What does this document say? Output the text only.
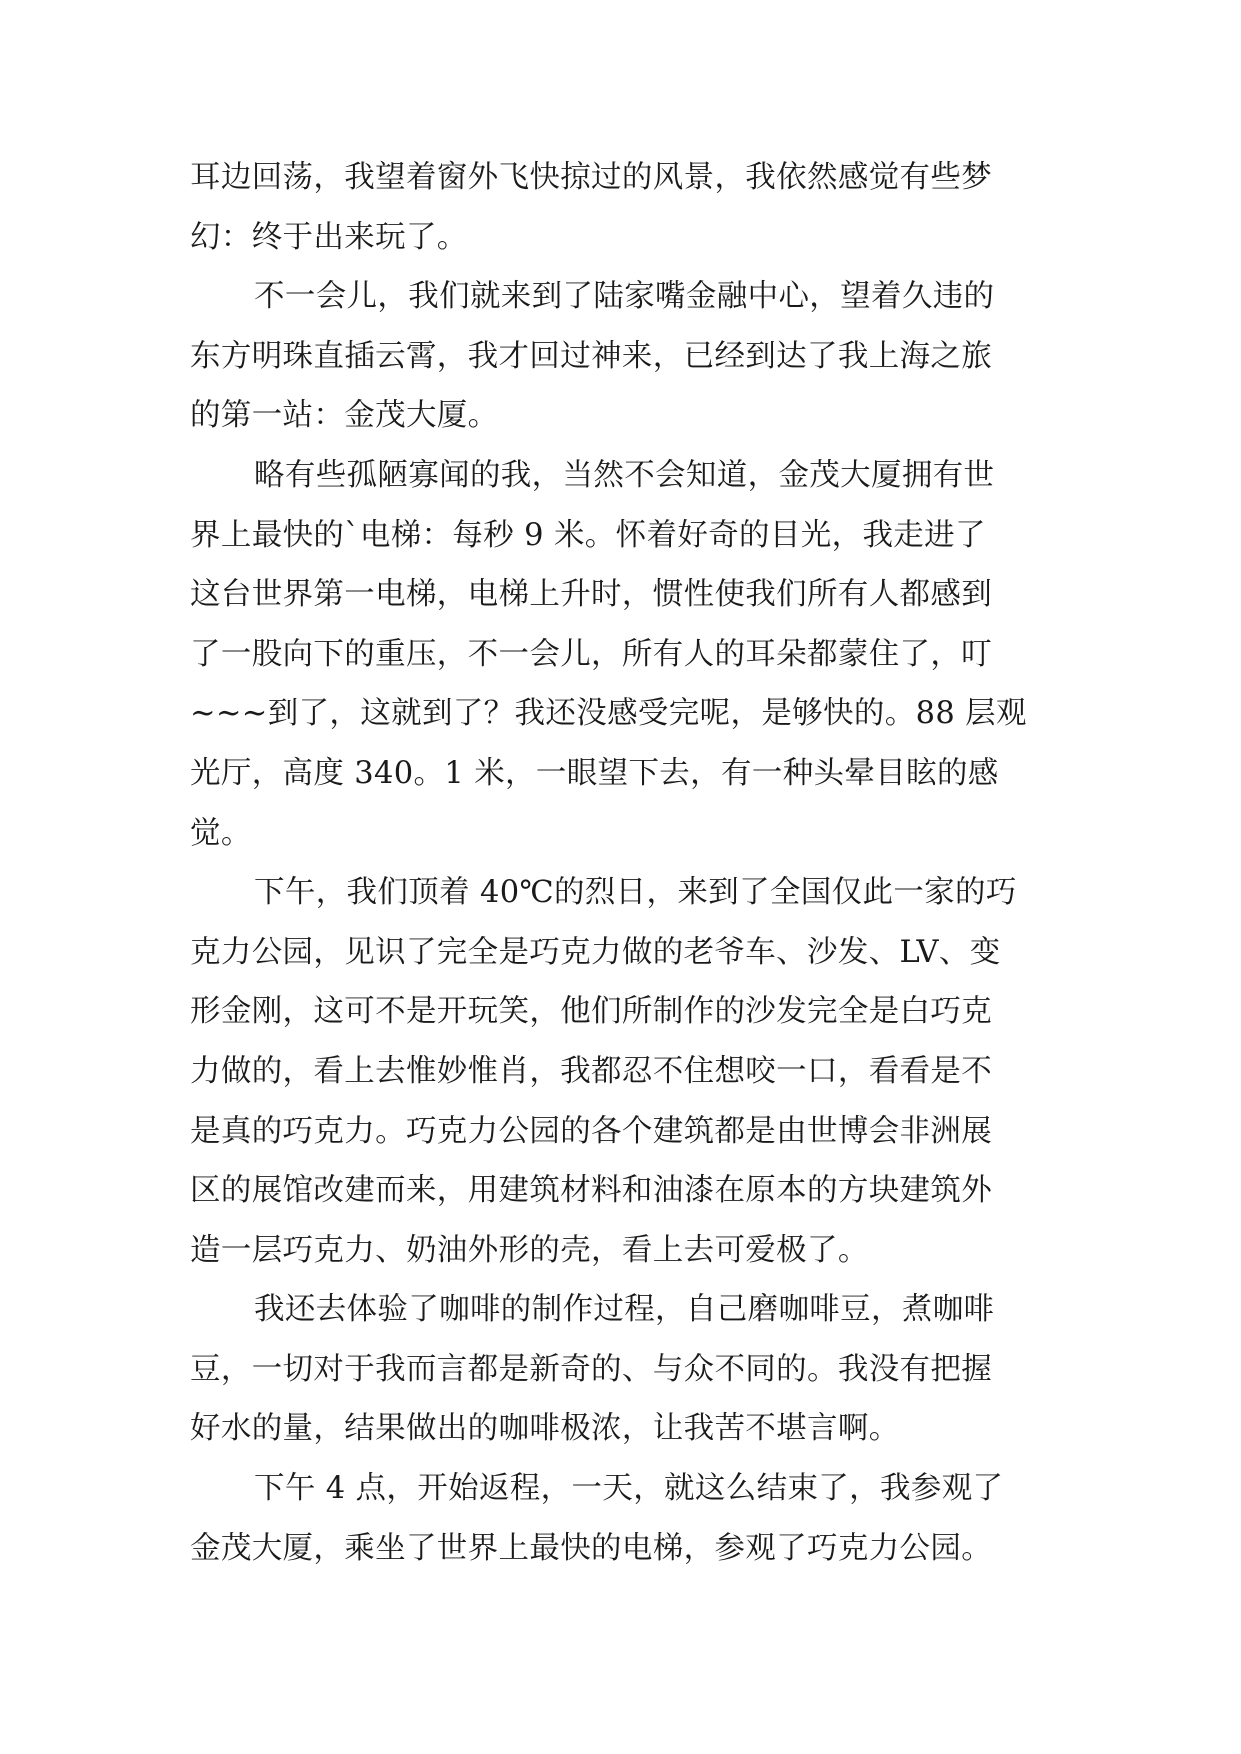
耳边回荡，我望着窗外飞快掠过的风景，我依然感觉有些梦
幻：终于出来玩了。
不一会儿，我们就来到了陆家嘴金融中心，望着久违的
东方明珠直插云霄，我才回过神来，已经到达了我上海之旅
的第一站：金茂大厦。
略有些孤陋寡闻的我，当然不会知道，金茂大厦拥有世
界上最快的`电梯：每秒 9 米。怀着好奇的目光，我走进了
这台世界第一电梯，电梯上升时，惯性使我们所有人都感到
了一股向下的重压，不一会儿，所有人的耳朵都蒙住了，叮
~~~到了，这就到了？我还没感受完呢，是够快的。88 层观
光厅，高度 340。1 米，一眼望下去，有一种头晕目眩的感
觉。
下午，我们顶着 40℃的烈日，来到了全国仅此一家的巧
克力公园，见识了完全是巧克力做的老爷车、沙发、LV、变
形金刚，这可不是开玩笑，他们所制作的沙发完全是白巧克
力做的，看上去惟妙惟肖，我都忍不住想咬一口，看看是不
是真的巧克力。巧克力公园的各个建筑都是由世博会非洲展
区的展馆改建而来，用建筑材料和油漆在原本的方块建筑外
造一层巧克力、奶油外形的壳，看上去可爱极了。
我还去体验了咖啡的制作过程，自己磨咖啡豆，煮咖啡
豆，一切对于我而言都是新奇的、与众不同的。我没有把握
好水的量，结果做出的咖啡极浓，让我苦不堪言啊。
下午 4 点，开始返程，一天，就这么结束了，我参观了
金茂大厦，乘坐了世界上最快的电梯，参观了巧克力公园。
